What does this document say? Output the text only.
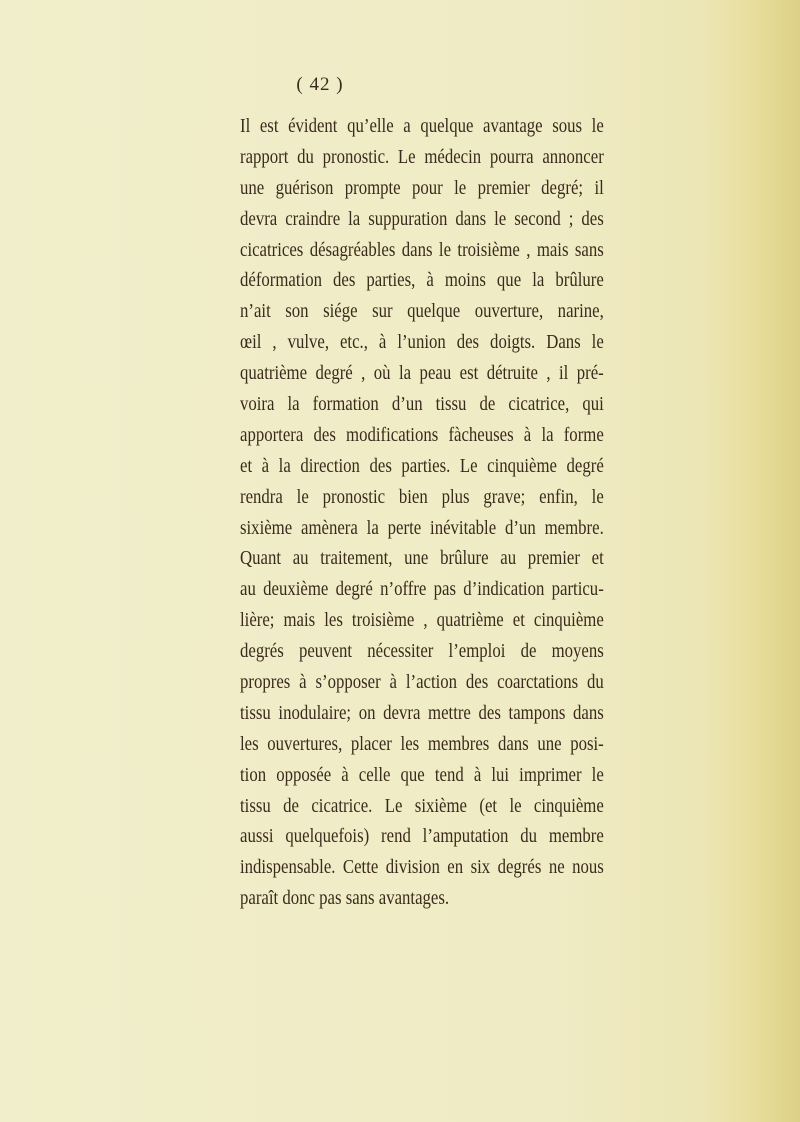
( 42 )
Il est évident qu’elle a quelque avantage sous le
rapport du pronostic. Le médecin pourra annoncer
une guérison prompte pour le premier degré; il
devra craindre la suppuration dans le second ; des
cicatrices désagréables dans le troisième , mais sans
déformation des parties, à moins que la brûlure
n’ait son siége sur quelque ouverture, narine,
œil , vulve, etc., à l’union des doigts. Dans le
quatrième degré , où la peau est détruite , il pré-
voira la formation d’un tissu de cicatrice, qui
apportera des modifications fàcheuses à la forme
et à la direction des parties. Le cinquième degré
rendra le pronostic bien plus grave; enfin, le
sixième amènera la perte inévitable d’un membre.
Quant au traitement, une brûlure au premier et
au deuxième degré n’offre pas d’indication particu-
lière; mais les troisième , quatrième et cinquième
degrés peuvent nécessiter l’emploi de moyens
propres à s’opposer à l’action des coarctations du
tissu inodulaire; on devra mettre des tampons dans
les ouvertures, placer les membres dans une posi-
tion opposée à celle que tend à lui imprimer le
tissu de cicatrice. Le sixième (et le cinquième
aussi quelquefois) rend l’amputation du membre
indispensable. Cette division en six degrés ne nous
paraît donc pas sans avantages.
